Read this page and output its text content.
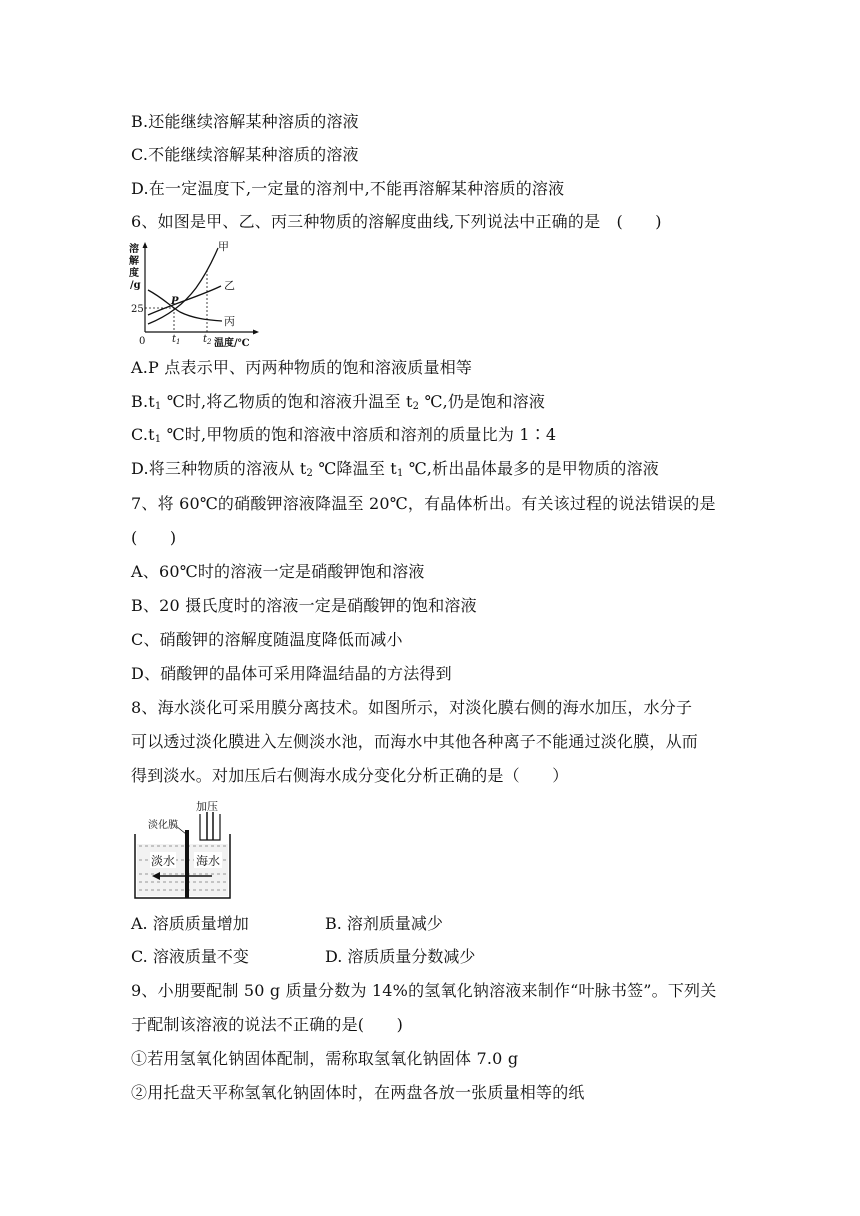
B.还能继续溶解某种溶质的溶液
C.不能继续溶解某种溶质的溶液
D.在一定温度下,一定量的溶剂中,不能再溶解某种溶质的溶液
6、如图是甲、乙、丙三种物质的溶解度曲线,下列说法中正确的是　(　　)
溶
解
度
/g
25
0	$t_1$ $t_2$ 温度/℃
甲
乙
丙
P
A.P 点表示甲、丙两种物质的饱和溶液质量相等
$B.t_1$ ℃时,将乙物质的饱和溶液升温至 $t_2$ ℃,仍是饱和溶液
$C.t_1$ ℃时,甲物质的饱和溶液中溶质和溶剂的质量比为 1∶4
D.将三种物质的溶液从 $t_2$ ℃降温至 $t_1$ ℃,析出晶体最多的是甲物质的溶液
7、将 60℃的硝酸钾溶液降温至 20℃，有晶体析出。有关该过程的说法错误的是
(　　)
A、60℃时的溶液一定是硝酸钾饱和溶液
B、20 摄氏度时的溶液一定是硝酸钾的饱和溶液
C、硝酸钾的溶解度随温度降低而减小
D、硝酸钾的晶体可采用降温结晶的方法得到
8、海水淡化可采用膜分离技术。如图所示，对淡化膜右侧的海水加压，水分子
可以透过淡化膜进入左侧淡水池，而海水中其他各种离子不能通过淡化膜，从而
得到淡水。对加压后右侧海水成分变化分析正确的是（　　）
加压
淡化膜
淡水 海水
A. 溶质质量增加	B. 溶剂质量减少
C. 溶液质量不变	D. 溶质质量分数减少
9、小朋要配制 50 g 质量分数为 14%的氢氧化钠溶液来制作“叶脉书签”。下列关
于配制该溶液的说法不正确的是(　　)
①若用氢氧化钠固体配制，需称取氢氧化钠固体 7.0 g
②用托盘天平称氢氧化钠固体时，在两盘各放一张质量相等的纸
